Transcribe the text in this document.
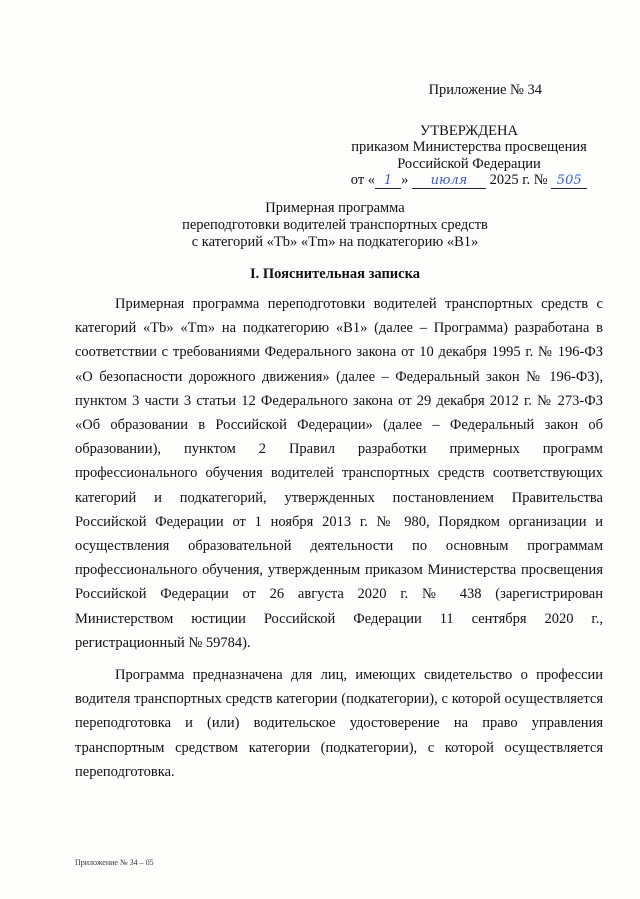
Приложение № 34
УТВЕРЖДЕНА
приказом Министерства просвещения
Российской Федерации
от « 1 » июля 2025 г. № 505
Примерная программа
переподготовки водителей транспортных средств
с категорий «Tb» «Tm» на подкатегорию «B1»
I. Пояснительная записка

Примерная программа переподготовки водителей транспортных средств с категорий «Tb» «Tm» на подкатегорию «B1» (далее – Программа) разработана в соответствии с требованиями Федерального закона от 10 декабря 1995 г. № 196-ФЗ «О безопасности дорожного движения» (далее – Федеральный закон № 196-ФЗ), пунктом 3 части 3 статьи 12 Федерального закона от 29 декабря 2012 г. № 273-ФЗ «Об образовании в Российской Федерации» (далее – Федеральный закон об образовании), пунктом 2 Правил разработки примерных программ профессионального обучения водителей транспортных средств соответствующих категорий и подкатегорий, утвержденных постановлением Правительства Российской Федерации от 1 ноября 2013 г. № 980, Порядком организации и осуществления образовательной деятельности по основным программам профессионального обучения, утвержденным приказом Министерства просвещения Российской Федерации от 26 августа 2020 г. № 438 (зарегистрирован Министерством юстиции Российской Федерации 11 сентября 2020 г., регистрационный № 59784).

Программа предназначена для лиц, имеющих свидетельство о профессии водителя транспортных средств категории (подкатегории), с которой осуществляется переподготовка и (или) водительское удостоверение на право управления транспортным средством категории (подкатегории), с которой осуществляется переподготовка.

Приложение № 34 – 05
